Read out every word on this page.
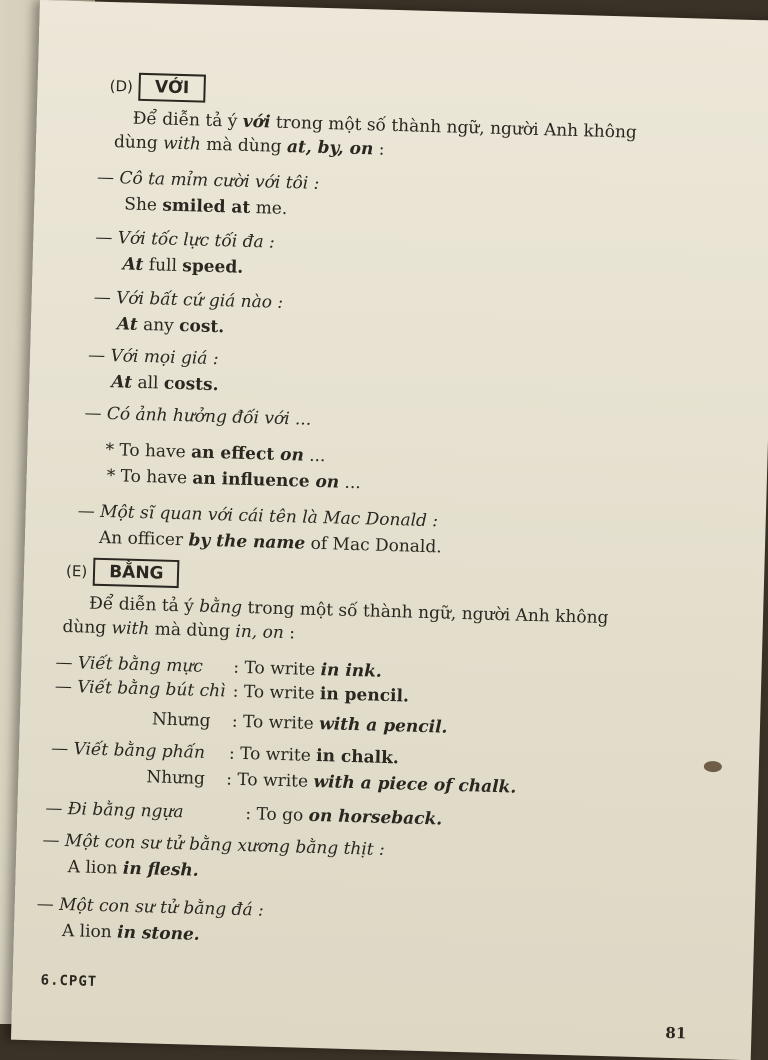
(D) VỚI
Để diễn tả ý với trong một số thành ngữ, người Anh không
dùng with mà dùng at, by, on :
— Cô ta mỉm cười với tôi :
She smiled at me.
— Với tốc lực tối đa :
At full speed.
— Với bất cứ giá nào :
At any cost.
— Với mọi giá :
At all costs.
— Có ảnh hưởng đối với ...
* To have an effect on ...
* To have an influence on ...
— Một sĩ quan với cái tên là Mac Donald :
An officer by the name of Mac Donald.
(E) BẰNG
Để diễn tả ý bằng trong một số thành ngữ, người Anh không
dùng with mà dùng in, on :
— Viết bằng mực : To write in ink.
— Viết bằng bút chì : To write in pencil.
Nhưng : To write with a pencil.
— Viết bằng phấn : To write in chalk.
Nhưng : To write with a piece of chalk.
— Đi bằng ngựa	: To go on horseback.
— Một con sư tử bằng xương bằng thịt :
A lion in flesh.
— Một con sư tử bằng đá :
A lion in stone.
6.CPGT
81
